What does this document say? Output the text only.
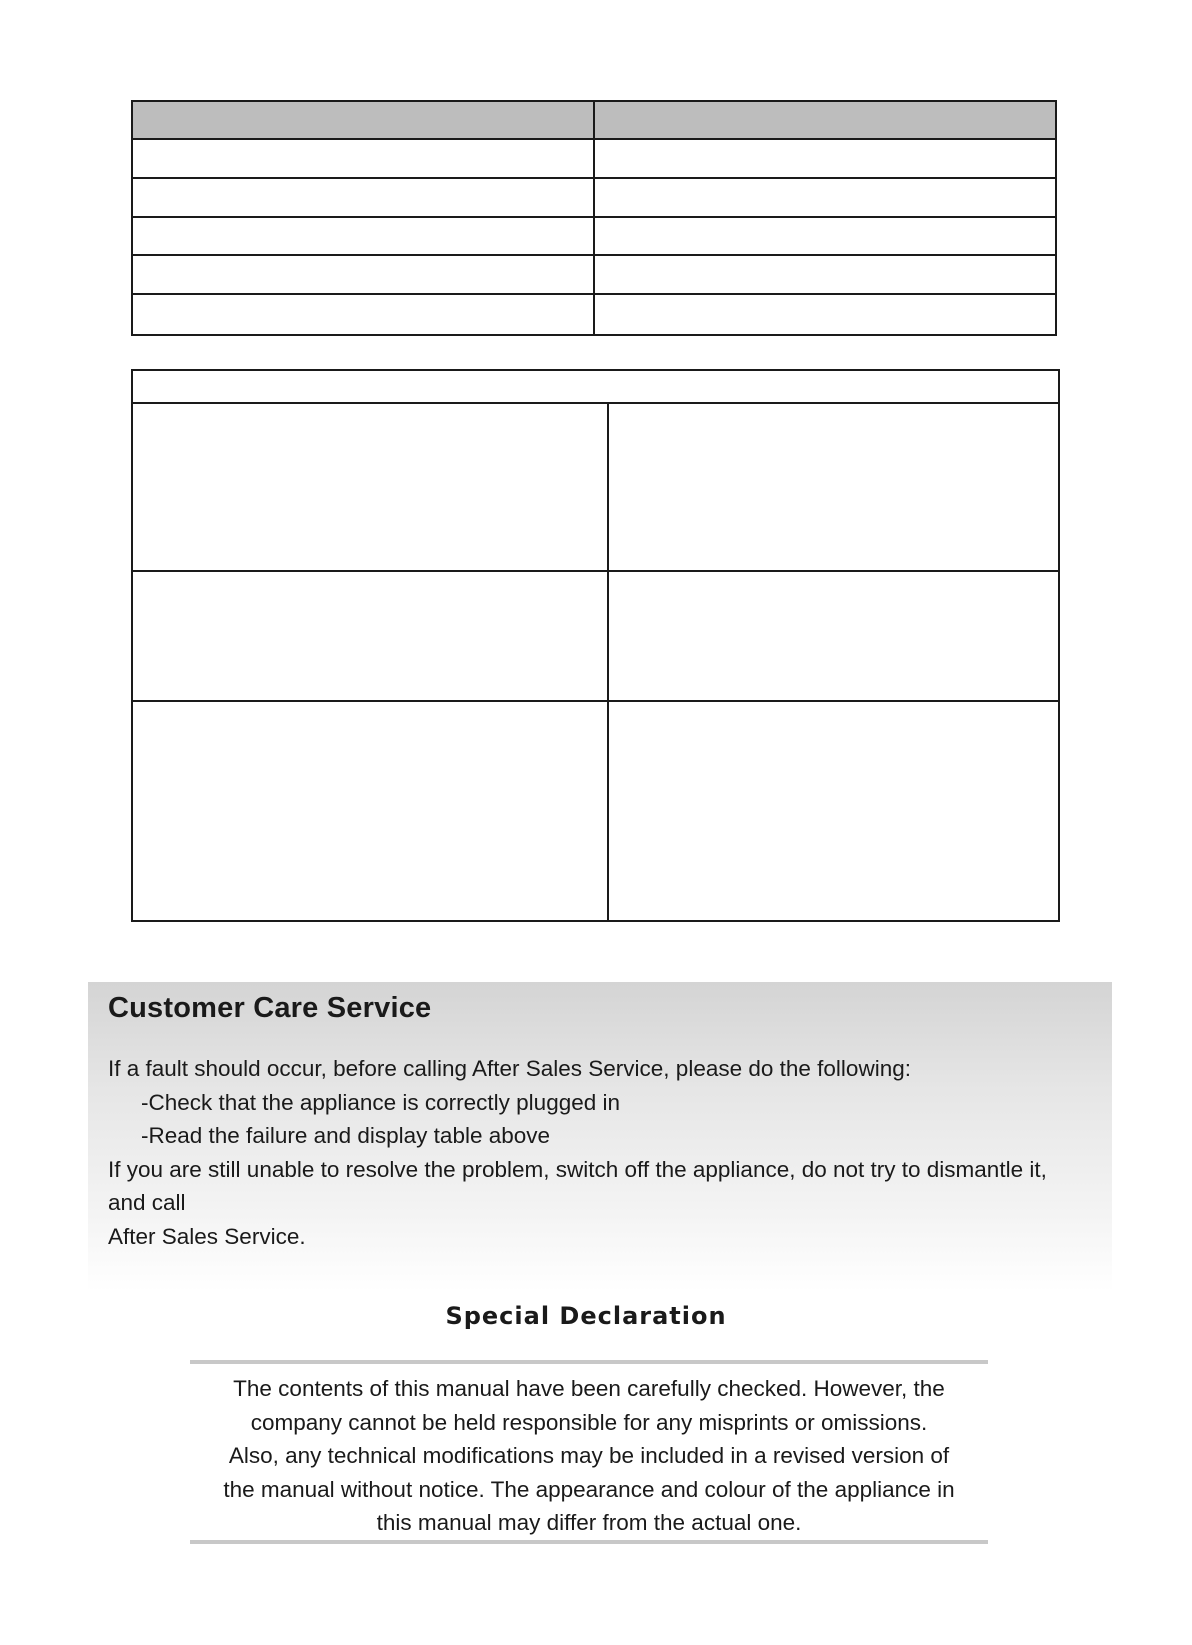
Customer Care Service

If a fault should occur, before calling After Sales Service, please do the following:

-Check that the appliance is correctly plugged in

-Read the failure and display table above

If you are still unable to resolve the problem, switch off the appliance, do not try to dismantle it,

and call

After Sales Service.

Special Declaration

The contents of this manual have been carefully checked. However, the

company cannot be held responsible for any misprints or omissions.

Also, any technical modifications may be included in a revised version of

the manual without notice. The appearance and colour of the appliance in

this manual may differ from the actual one.
